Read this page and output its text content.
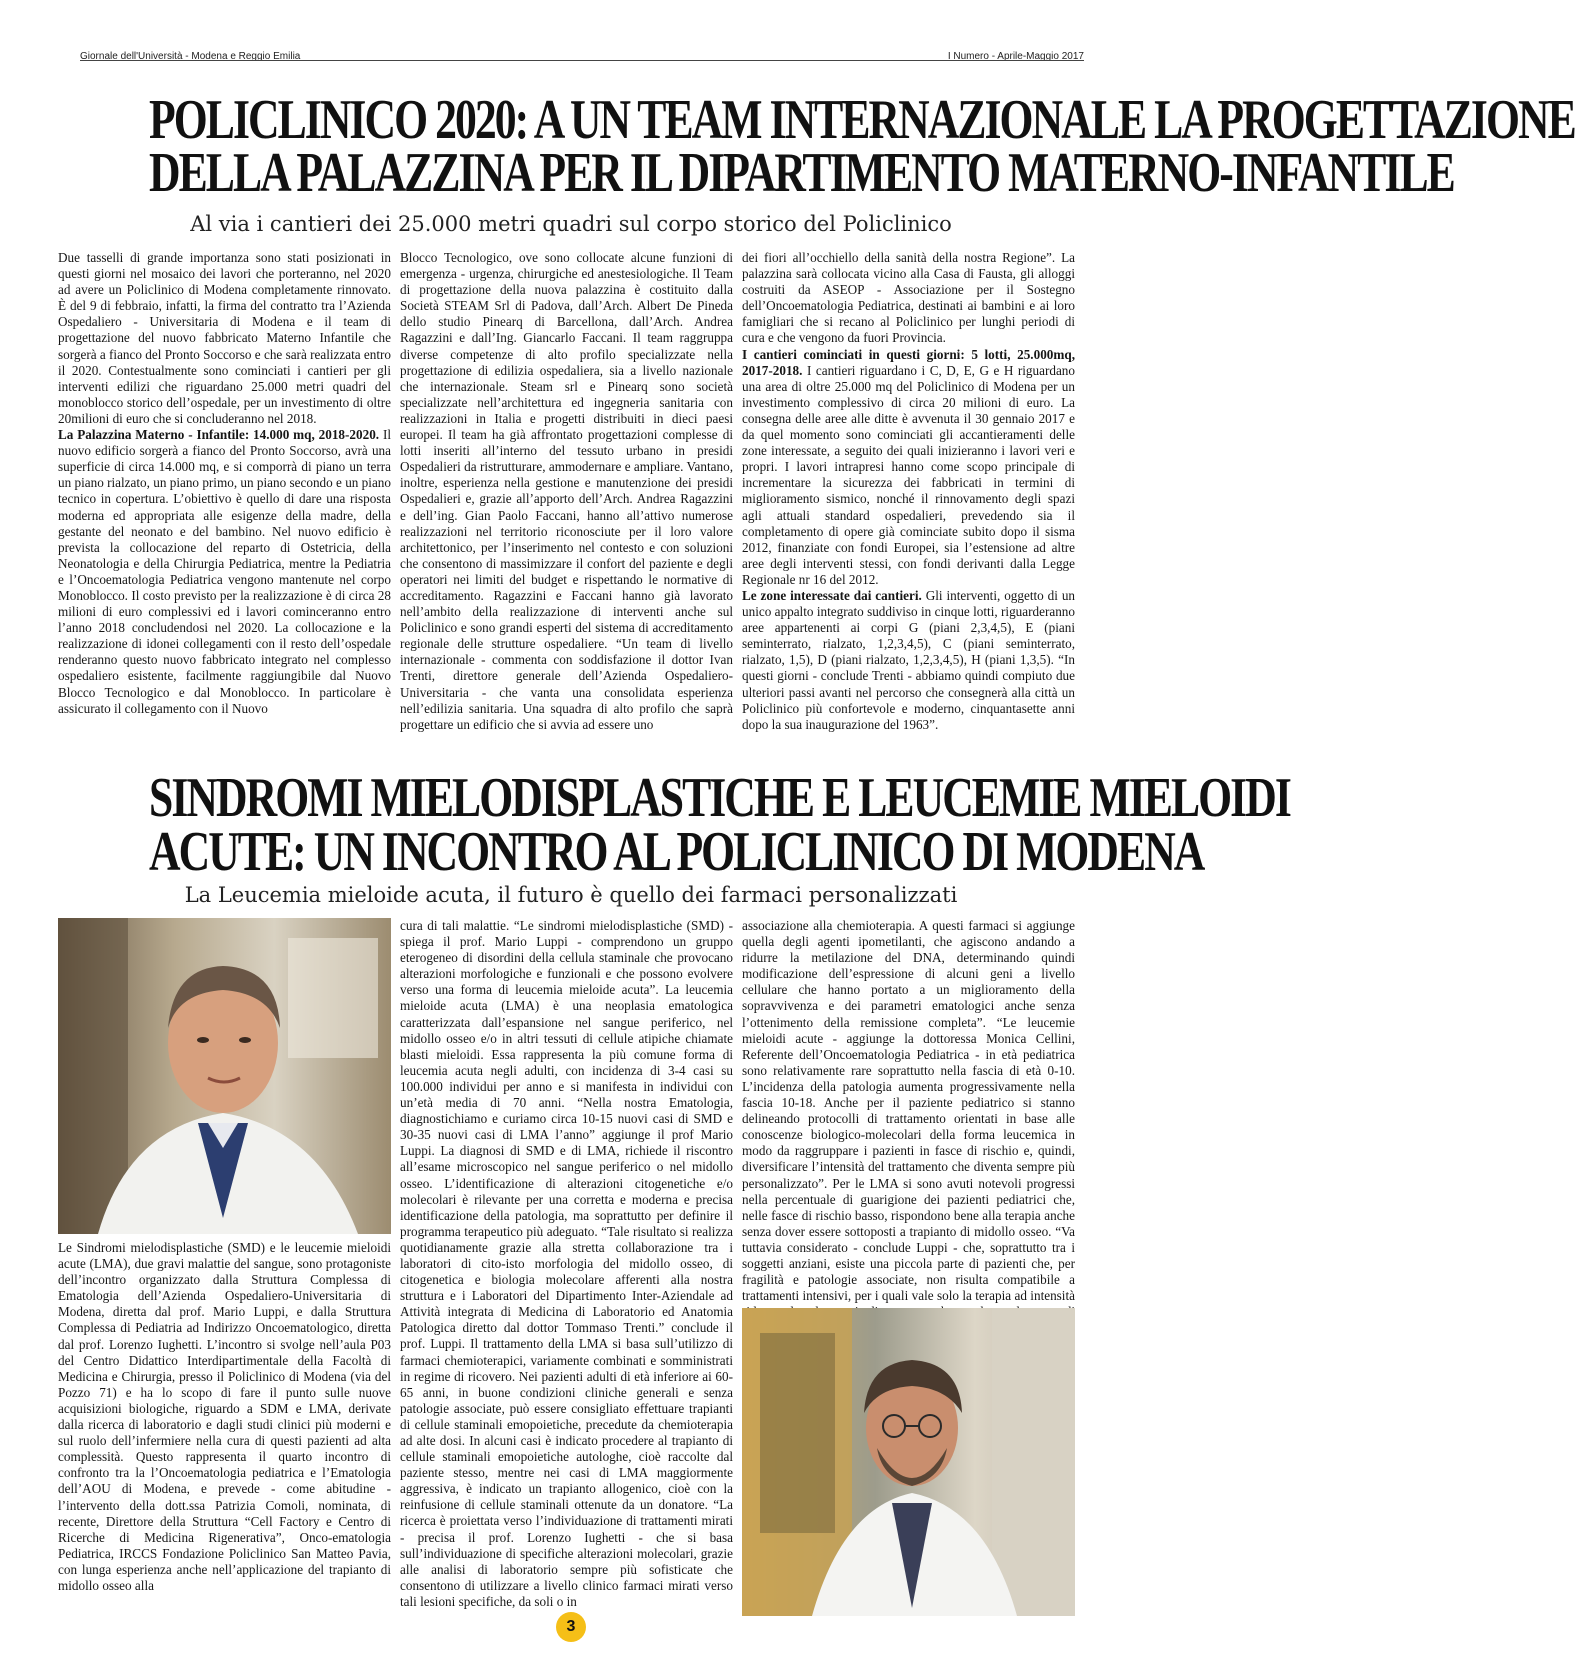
Giornale dell'Università - Modena e Reggio Emilia	I Numero - Aprile-Maggio 2017
POLICLINICO 2020: A UN TEAM INTERNAZIONALE LA PROGETTAZIONE
DELLA PALAZZINA PER IL DIPARTIMENTO MATERNO-INFANTILE
Al via i cantieri dei 25.000 metri quadri sul corpo storico del Policlinico

Due tasselli di grande importanza sono stati posizionati in questi giorni nel mosaico dei lavori che porteranno, nel 2020 ad avere un Policlinico di Modena completamente rinnovato. È del 9 di febbraio, infatti, la firma del contratto tra l’Azienda Ospedaliero - Universitaria di Modena e il team di progettazione del nuovo fabbricato Materno Infantile che sorgerà a fianco del Pronto Soccorso e che sarà realizzata entro il 2020. Contestualmente sono cominciati i cantieri per gli interventi edilizi che riguardano 25.000 metri quadri del monoblocco storico dell’ospedale, per un investimento di oltre 20milioni di euro che si concluderanno nel 2018.

La Palazzina Materno - Infantile: 14.000 mq, 2018-2020. Il nuovo edificio sorgerà a fianco del Pronto Soccorso, avrà una superficie di circa 14.000 mq, e si comporrà di piano un terra un piano rialzato, un piano primo, un piano secondo e un piano tecnico in copertura. L’obiettivo è quello di dare una risposta moderna ed appropriata alle esigenze della madre, della gestante del neonato e del bambino. Nel nuovo edificio è prevista la collocazione del reparto di Ostetricia, della Neonatologia e della Chirurgia Pediatrica, mentre la Pediatria e l’Oncoematologia Pediatrica vengono mantenute nel corpo Monoblocco. Il costo previsto per la realizzazione è di circa 28 milioni di euro complessivi ed i lavori cominceranno entro l’anno 2018 concludendosi nel 2020. La collocazione e la realizzazione di idonei collegamenti con il resto dell’ospedale renderanno questo nuovo fabbricato integrato nel complesso ospedaliero esistente, facilmente raggiungibile dal Nuovo Blocco Tecnologico e dal Monoblocco. In particolare è assicurato il collegamento con il Nuovo

Blocco Tecnologico, ove sono collocate alcune funzioni di emergenza - urgenza, chirurgiche ed anestesiologiche. Il Team di progettazione della nuova palazzina è costituito dalla Società STEAM Srl di Padova, dall’Arch. Albert De Pineda dello studio Pinearq di Barcellona, dall’Arch. Andrea Ragazzini e dall’Ing. Giancarlo Faccani. Il team raggruppa diverse competenze di alto profilo specializzate nella progettazione di edilizia ospedaliera, sia a livello nazionale che internazionale. Steam srl e Pinearq sono società specializzate nell’architettura ed ingegneria sanitaria con realizzazioni in Italia e progetti distribuiti in dieci paesi europei. Il team ha già affrontato progettazioni complesse di lotti inseriti all’interno del tessuto urbano in presidi Ospedalieri da ristrutturare, ammodernare e ampliare. Vantano, inoltre, esperienza nella gestione e manutenzione dei presidi Ospedalieri e, grazie all’apporto dell’Arch. Andrea Ragazzini e dell’ing. Gian Paolo Faccani, hanno all’attivo numerose realizzazioni nel territorio riconosciute per il loro valore architettonico, per l’inserimento nel contesto e con soluzioni che consentono di massimizzare il confort del paziente e degli operatori nei limiti del budget e rispettando le normative di accreditamento. Ragazzini e Faccani hanno già lavorato nell’ambito della realizzazione di interventi anche sul Policlinico e sono grandi esperti del sistema di accreditamento regionale delle strutture ospedaliere. “Un team di livello internazionale - commenta con soddisfazione il dottor Ivan Trenti, direttore generale dell’Azienda Ospedaliero-Universitaria - che vanta una consolidata esperienza nell’edilizia sanitaria. Una squadra di alto profilo che saprà progettare un edificio che si avvia ad essere uno

dei fiori all’occhiello della sanità della nostra Regione”. La palazzina sarà collocata vicino alla Casa di Fausta, gli alloggi costruiti da ASEOP - Associazione per il Sostegno dell’Oncoematologia Pediatrica, destinati ai bambini e ai loro famigliari che si recano al Policlinico per lunghi periodi di cura e che vengono da fuori Provincia.

I cantieri cominciati in questi giorni: 5 lotti, 25.000mq, 2017-2018. I cantieri riguardano i C, D, E, G e H riguardano una area di oltre 25.000 mq del Policlinico di Modena per un investimento complessivo di circa 20 milioni di euro. La consegna delle aree alle ditte è avvenuta il 30 gennaio 2017 e da quel momento sono cominciati gli accantieramenti delle zone interessate, a seguito dei quali inizieranno i lavori veri e propri. I lavori intrapresi hanno come scopo principale di incrementare la sicurezza dei fabbricati in termini di miglioramento sismico, nonché il rinnovamento degli spazi agli attuali standard ospedalieri, prevedendo sia il completamento di opere già cominciate subito dopo il sisma 2012, finanziate con fondi Europei, sia l’estensione ad altre aree degli interventi stessi, con fondi derivanti dalla Legge Regionale nr 16 del 2012.

Le zone interessate dai cantieri. Gli interventi, oggetto di un unico appalto integrato suddiviso in cinque lotti, riguarderanno aree appartenenti ai corpi G (piani 2,3,4,5), E (piani seminterrato, rialzato, 1,2,3,4,5), C (piani seminterrato, rialzato, 1,5), D (piani rialzato, 1,2,3,4,5), H (piani 1,3,5). “In questi giorni - conclude Trenti - abbiamo quindi compiuto due ulteriori passi avanti nel percorso che consegnerà alla città un Policlinico più confortevole e moderno, cinquantasette anni dopo la sua inaugurazione del 1963”.

SINDROMI MIELODISPLASTICHE E LEUCEMIE MIELOIDI
ACUTE: UN INCONTRO AL POLICLINICO DI MODENA
La Leucemia mieloide acuta, il futuro è quello dei farmaci personalizzati

Le Sindromi mielodisplastiche (SMD) e le leucemie mieloidi acute (LMA), due gravi malattie del sangue, sono protagoniste dell’incontro organizzato dalla Struttura Complessa di Ematologia dell’Azienda Ospedaliero-Universitaria di Modena, diretta dal prof. Mario Luppi, e dalla Struttura Complessa di Pediatria ad Indirizzo Oncoematologico, diretta dal prof. Lorenzo Iughetti. L’incontro si svolge nell’aula P03 del Centro Didattico Interdipartimentale della Facoltà di Medicina e Chirurgia, presso il Policlinico di Modena (via del Pozzo 71) e ha lo scopo di fare il punto sulle nuove acquisizioni biologiche, riguardo a SDM e LMA, derivate dalla ricerca di laboratorio e dagli studi clinici più moderni e sul ruolo dell’infermiere nella cura di questi pazienti ad alta complessità. Questo rappresenta il quarto incontro di confronto tra la l’Oncoematologia pediatrica e l’Ematologia dell’AOU di Modena, e prevede - come abitudine - l’intervento della dott.ssa Patrizia Comoli, nominata, di recente, Direttore della Struttura “Cell Factory e Centro di Ricerche di Medicina Rigenerativa”, Onco-ematologia Pediatrica, IRCCS Fondazione Policlinico San Matteo Pavia, con lunga esperienza anche nell’applicazione del trapianto di midollo osseo alla

cura di tali malattie. “Le sindromi mielodisplastiche (SMD) - spiega il prof. Mario Luppi - comprendono un gruppo eterogeneo di disordini della cellula staminale che provocano alterazioni morfologiche e funzionali e che possono evolvere verso una forma di leucemia mieloide acuta”. La leucemia mieloide acuta (LMA) è una neoplasia ematologica caratterizzata dall’espansione nel sangue periferico, nel midollo osseo e/o in altri tessuti di cellule atipiche chiamate blasti mieloidi. Essa rappresenta la più comune forma di leucemia acuta negli adulti, con incidenza di 3-4 casi su 100.000 individui per anno e si manifesta in individui con un’età media di 70 anni. “Nella nostra Ematologia, diagnostichiamo e curiamo circa 10-15 nuovi casi di SMD e 30-35 nuovi casi di LMA l’anno” aggiunge il prof Mario Luppi. La diagnosi di SMD e di LMA, richiede il riscontro all’esame microscopico nel sangue periferico o nel midollo osseo. L’identificazione di alterazioni citogenetiche e/o molecolari è rilevante per una corretta e moderna e precisa identificazione della patologia, ma soprattutto per definire il programma terapeutico più adeguato. “Tale risultato si realizza quotidianamente grazie alla stretta collaborazione tra i laboratori di cito-isto morfologia del midollo osseo, di citogenetica e biologia molecolare afferenti alla nostra struttura e i Laboratori del Dipartimento Inter-Aziendale ad Attività integrata di Medicina di Laboratorio ed Anatomia Patologica diretto dal dottor Tommaso Trenti.” conclude il prof. Luppi. Il trattamento della LMA si basa sull’utilizzo di farmaci chemioterapici, variamente combinati e somministrati in regime di ricovero. Nei pazienti adulti di età inferiore ai 60-65 anni, in buone condizioni cliniche generali e senza patologie associate, può essere consigliato effettuare trapianti di cellule staminali emopoietiche, precedute da chemioterapia ad alte dosi. In alcuni casi è indicato procedere al trapianto di cellule staminali emopoietiche autologhe, cioè raccolte dal paziente stesso, mentre nei casi di LMA maggiormente aggressiva, è indicato un trapianto allogenico, cioè con la reinfusione di cellule staminali ottenute da un donatore. “La ricerca è proiettata verso l’individuazione di trattamenti mirati - precisa il prof. Lorenzo Iughetti - che si basa sull’individuazione di specifiche alterazioni molecolari, grazie alle analisi di laboratorio sempre più sofisticate che consentono di utilizzare a livello clinico farmaci mirati verso tali lesioni specifiche, da soli o in

associazione alla chemioterapia. A questi farmaci si aggiunge quella degli agenti ipometilanti, che agiscono andando a ridurre la metilazione del DNA, determinando quindi modificazione dell’espressione di alcuni geni a livello cellulare che hanno portato a un miglioramento della sopravvivenza e dei parametri ematologici anche senza l’ottenimento della remissione completa”. “Le leucemie mieloidi acute - aggiunge la dottoressa Monica Cellini, Referente dell’Oncoematologia Pediatrica - in età pediatrica sono relativamente rare soprattutto nella fascia di età 0-10. L’incidenza della patologia aumenta progressivamente nella fascia 10-18. Anche per il paziente pediatrico si stanno delineando protocolli di trattamento orientati in base alle conoscenze biologico-molecolari della forma leucemica in modo da raggruppare i pazienti in fasce di rischio e, quindi, diversificare l’intensità del trattamento che diventa sempre più personalizzato”. Per le LMA si sono avuti notevoli progressi nella percentuale di guarigione dei pazienti pediatrici che, nelle fasce di rischio basso, rispondono bene alla terapia anche senza dover essere sottoposti a trapianto di midollo osseo. “Va tuttavia considerato - conclude Luppi - che, soprattutto tra i soggetti anziani, esiste una piccola parte di pazienti che, per fragilità e patologie associate, non risulta compatibile a trattamenti intensivi, per i quali vale solo la terapia ad intensità

3
